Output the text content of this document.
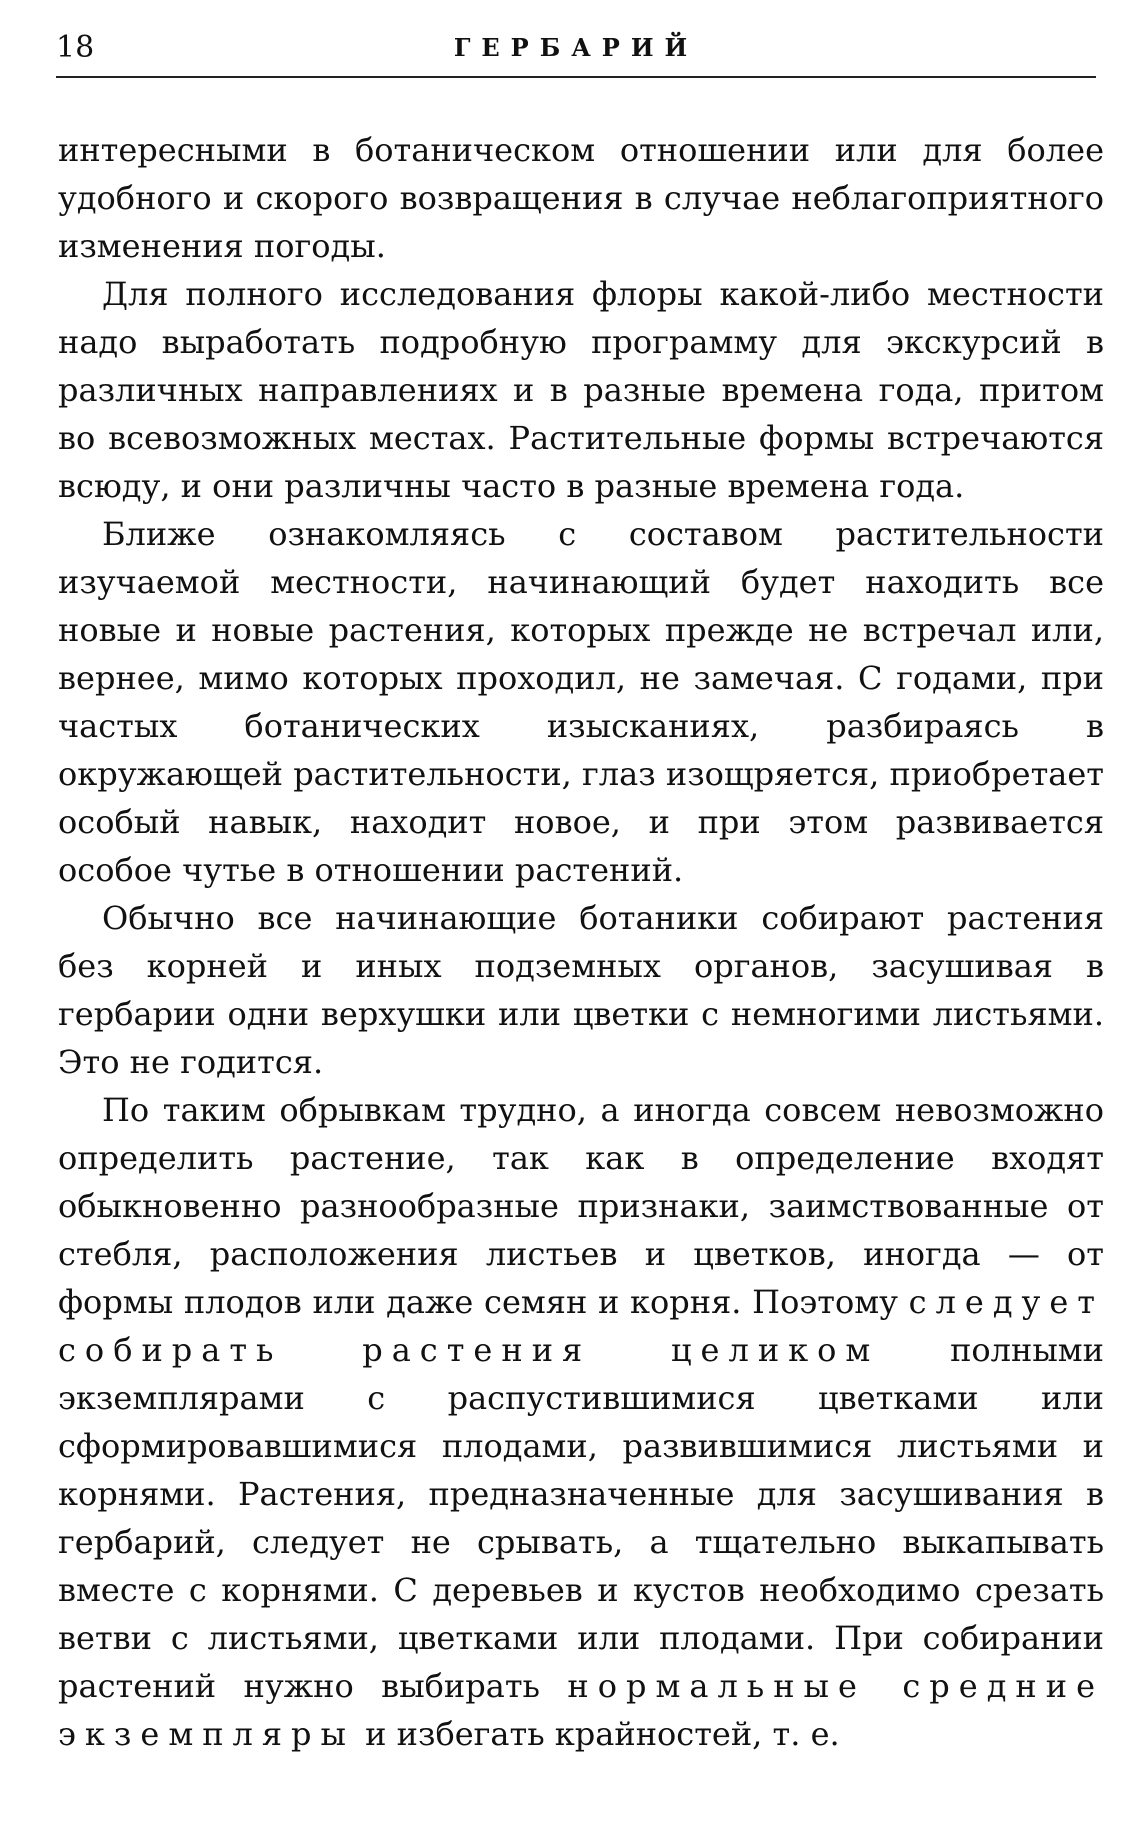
18	ГЕРБАРИЙ

интересными в ботаническом отношении или для более удобного и скорого возвращения в случае неблагоприятного изменения погоды.

Для полного исследования флоры какой-либо местности надо выработать подробную программу для экскурсий в различных направлениях и в разные времена года, притом во всевозможных местах. Растительные формы встречаются всюду, и они различны часто в разные времена года.

Ближе ознакомляясь с составом растительности изучаемой местности, начинающий будет находить все новые и новые растения, которых прежде не встречал или, вернее, мимо которых проходил, не замечая. С годами, при частых ботанических изысканиях, разбираясь в окружающей растительности, глаз изощряется, приобретает особый навык, находит новое, и при этом развивается особое чутье в отношении растений.

Обычно все начинающие ботаники собирают растения без корней и иных подземных органов, засушивая в гербарии одни верхушки или цветки с немногими листьями. Это не годится.

По таким обрывкам трудно, а иногда совсем невозможно определить растение, так как в определение входят обыкновенно разнообразные признаки, заимствованные от стебля, расположения листьев и цветков, иногда — от формы плодов или даже семян и корня. Поэтому следует собирать растения целиком полными экземплярами с распустившимися цветками или сформировавшимися плодами, развившимися листьями и корнями. Растения, предназначенные для засушивания в гербарий, следует не срывать, а тщательно выкапывать вместе с корнями. С деревьев и кустов необходимо срезать ветви с листьями, цветками или плодами. При собирании растений нужно выбирать нормальные средние экземпляры и избегать крайностей, т. е.
